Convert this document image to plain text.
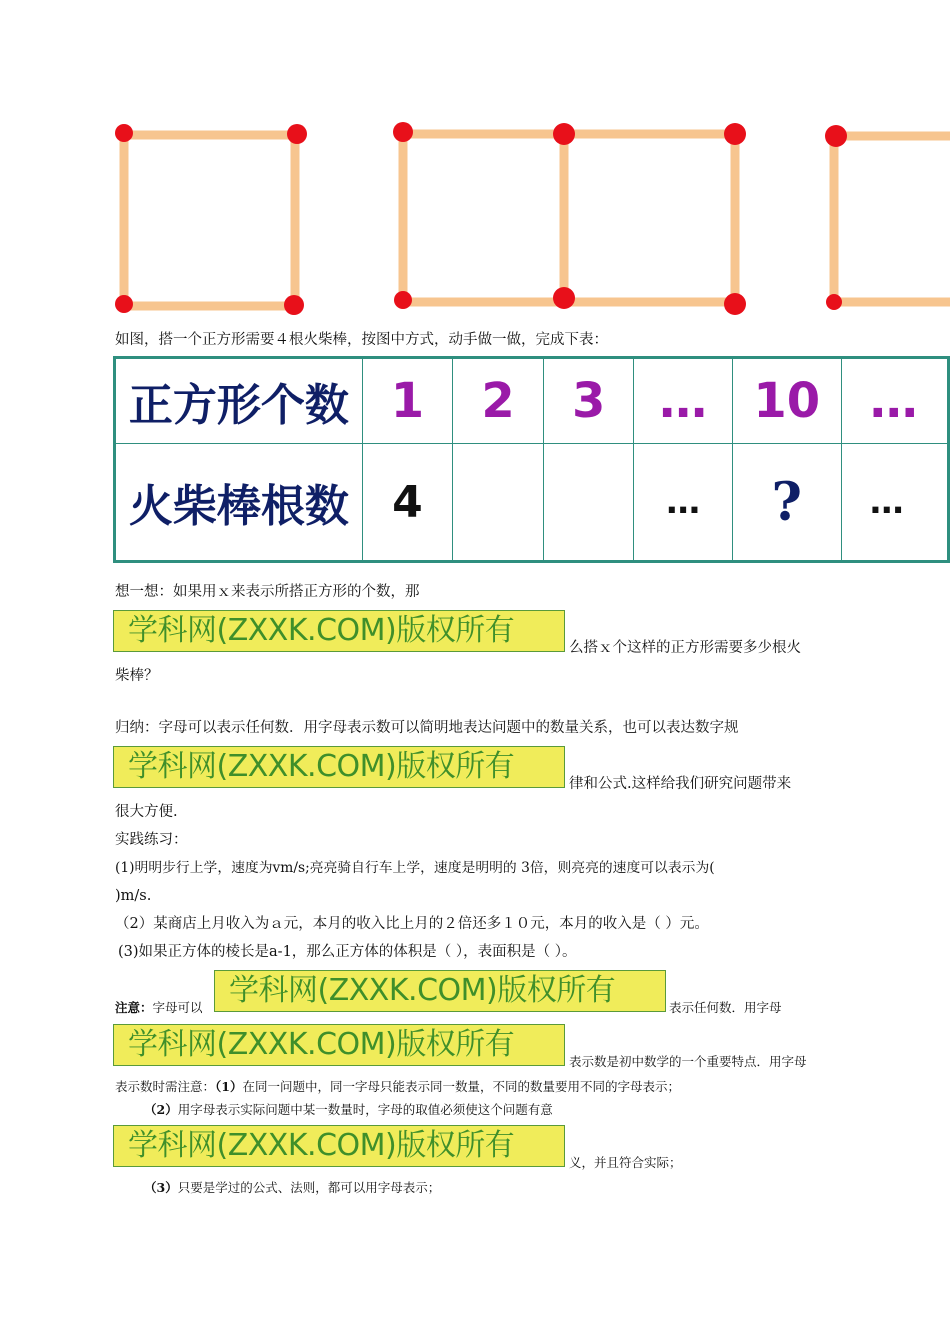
如图，搭一个正方形需要４根火柴棒，按图中方式，动手做一做，完成下表：
正方形个数	1	2	3	…	10	…
火柴棒根数	4			…	?	…
想一想：如果用ｘ来表示所搭正方形的个数，那
学科网(ZXXK.COM)版权所有	么搭ｘ个这样的正方形需要多少根火
柴棒？
归纳：字母可以表示任何数．用字母表示数可以简明地表达问题中的数量关系，也可以表达数字规
学科网(ZXXK.COM)版权所有	律和公式.这样给我们研究问题带来
很大方便.
实践练习：
(1)明明步行上学，速度为vm/s;亮亮骑自行车上学，速度是明明的 3倍，则亮亮的速度可以表示为(
)m/s.
（2）某商店上月收入为ａ元，本月的收入比上月的２倍还多１０元，本月的收入是（ ）元。
(3)如果正方体的棱长是a-1，那么正方体的体积是（ ），表面积是（ ）。
注意：字母可以 学科网(ZXXK.COM)版权所有	表示任何数．用字母
学科网(ZXXK.COM)版权所有	表示数是初中数学的一个重要特点．用字母
表示数时需注意：（1）在同一问题中，同一字母只能表示同一数量，不同的数量要用不同的字母表示；
（2）用字母表示实际问题中某一数量时，字母的取值必须使这个问题有意
学科网(ZXXK.COM)版权所有	义，并且符合实际；
（3）只要是学过的公式、法则，都可以用字母表示；
